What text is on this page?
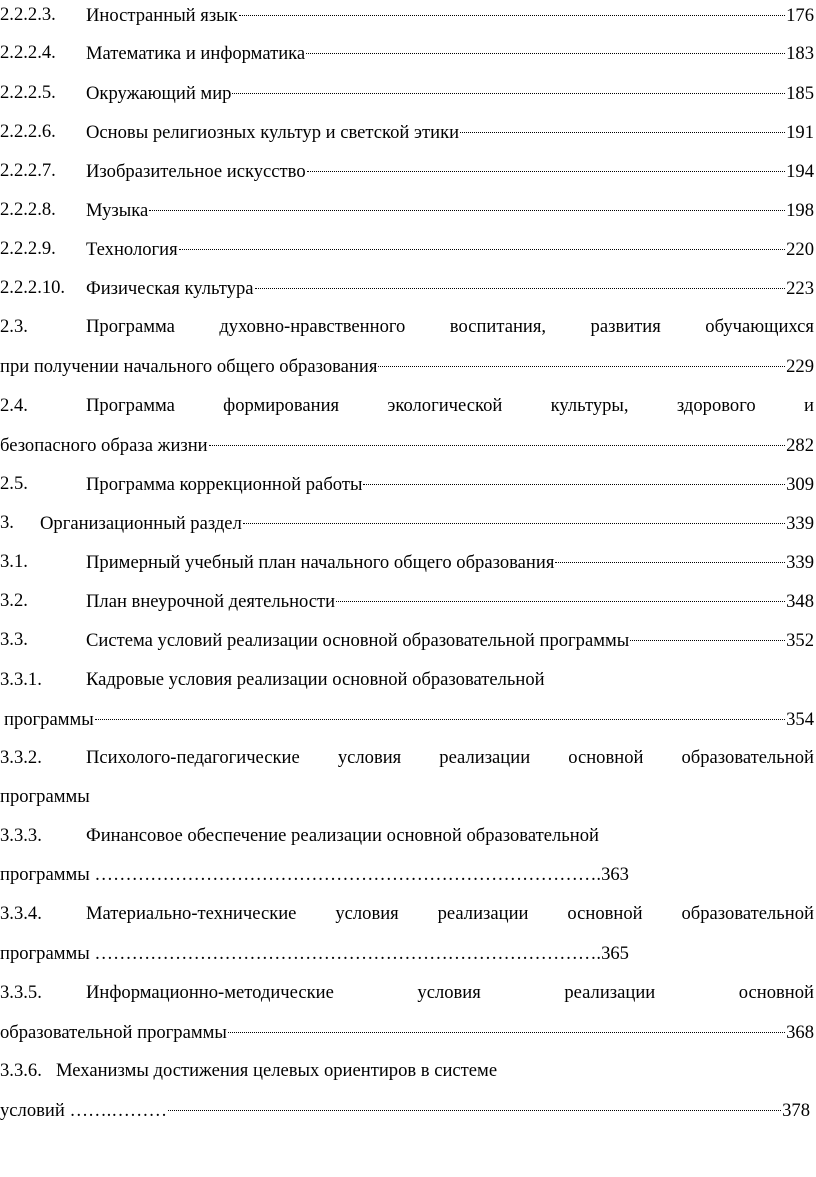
2.2.2.3. Иностранный язык	176
2.2.2.4. Математика и информатика	183
2.2.2.5. Окружающий мир	185
2.2.2.6. Основы религиозных культур и светской этики	191
2.2.2.7. Изобразительное искусство	194
2.2.2.8. Музыка	198
2.2.2.9. Технология	220
2.2.2.10. Физическая культура	223
2.3.	Программа духовно-нравственного воспитания, развития обучающихся
при получении начального общего образования	229
2.4.	Программа	формирования	экологической	культуры,	здорового	и
безопасного образа жизни	282
2.5.	Программа коррекционной работы	309
3. Организационный раздел	339
3.1.	Примерный учебный план начального общего образования	339
3.2.	План внеурочной деятельности	348
3.3.	Система условий реализации основной образовательной программы	352
3.3.1. Кадровые условия реализации основной образовательной
программы	354
3.3.2. Психолого-педагогические условия реализации основной образовательной
программы
3.3.3. Финансовое обеспечение реализации основной образовательной
программы ……………………………………………………………………….363
3.3.4. Материально-технические условия реализации основной образовательной
программы ……………………………………………………………………….365
3.3.5. Информационно-методические	условия	реализации	основной
образовательной программы	368
3.3.6. Механизмы достижения целевых ориентиров в системе
условий …….………	378
